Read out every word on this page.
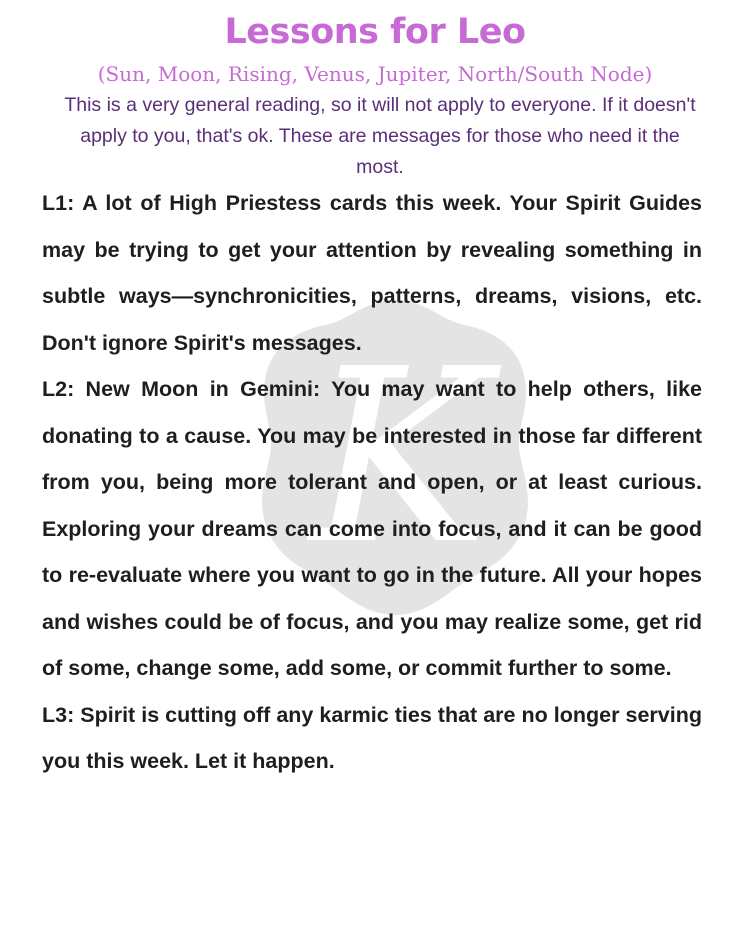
K
Lessons for Leo
(Sun, Moon, Rising, Venus, Jupiter, North/South Node)

This is a very general reading, so it will not apply to everyone. If it doesn't apply to you, that's ok. These are messages for those who need it the most.

L1: A lot of High Priestess cards this week. Your Spirit Guides may be trying to get your attention by revealing something in subtle ways—synchronicities, patterns, dreams, visions, etc. Don't ignore Spirit's messages.

L2: New Moon in Gemini: You may want to help others, like donating to a cause. You may be interested in those far different from you, being more tolerant and open, or at least curious. Exploring your dreams can come into focus, and it can be good to re-evaluate where you want to go in the future. All your hopes and wishes could be of focus, and you may realize some, get rid of some, change some, add some, or commit further to some.

L3: Spirit is cutting off any karmic ties that are no longer serving you this week. Let it happen.
